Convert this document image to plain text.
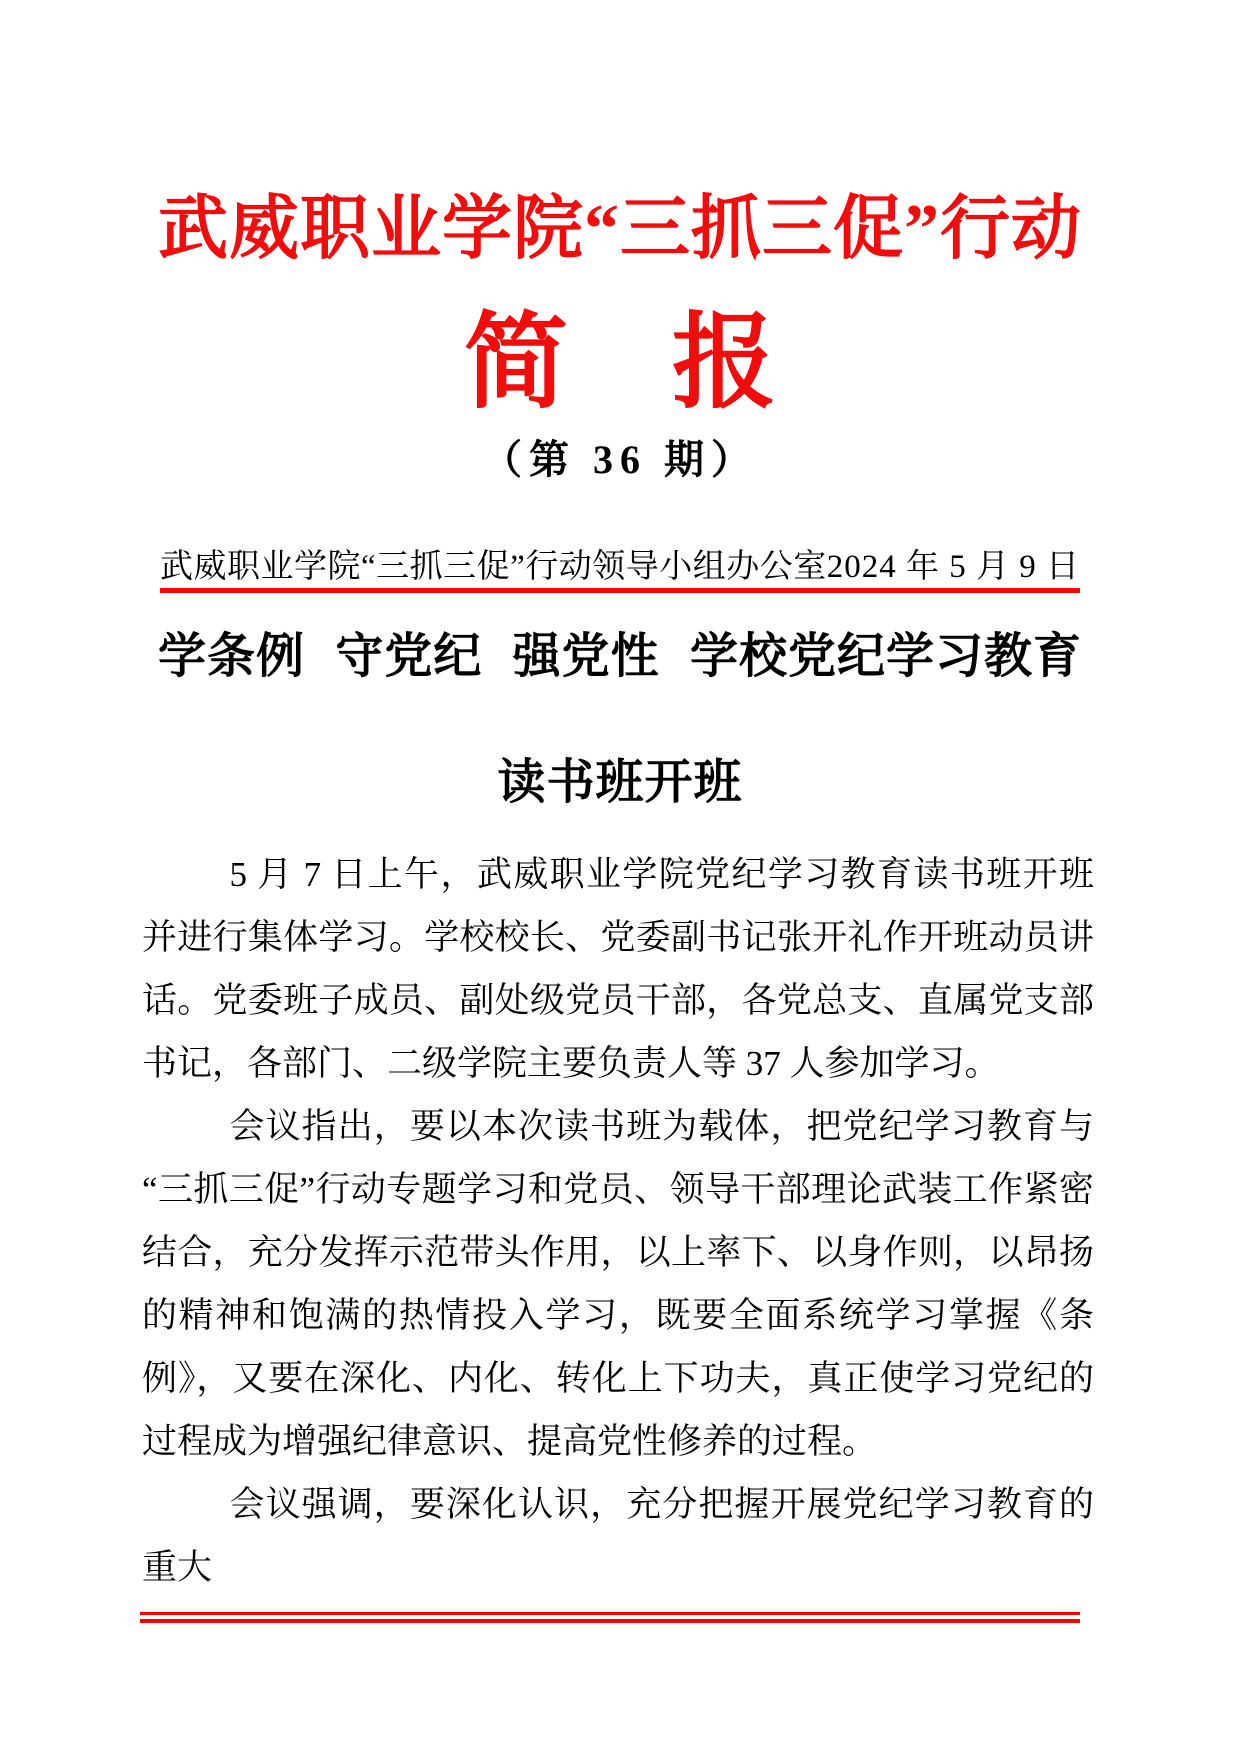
武威职业学院“三抓三促”行动
简　报
（第 36 期）
武威职业学院“三抓三促”行动领导小组办公室 2024 年 5 月 9 日
学条例 守党纪 强党性 学校党纪学习教育
读书班开班

5 月 7 日上午，武威职业学院党纪学习教育读书班开班并进行集体学习。学校校长、党委副书记张开礼作开班动员讲话。党委班子成员、副处级党员干部，各党总支、直属党支部书记，各部门、二级学院主要负责人等 37 人参加学习。

会议指出，要以本次读书班为载体，把党纪学习教育与“三抓三促”行动专题学习和党员、领导干部理论武装工作紧密结合，充分发挥示范带头作用，以上率下、以身作则，以昂扬的精神和饱满的热情投入学习，既要全面系统学习掌握《条例》，又要在深化、内化、转化上下功夫，真正使学习党纪的过程成为增强纪律意识、提高党性修养的过程。

会议强调，要深化认识，充分把握开展党纪学习教育的重大
